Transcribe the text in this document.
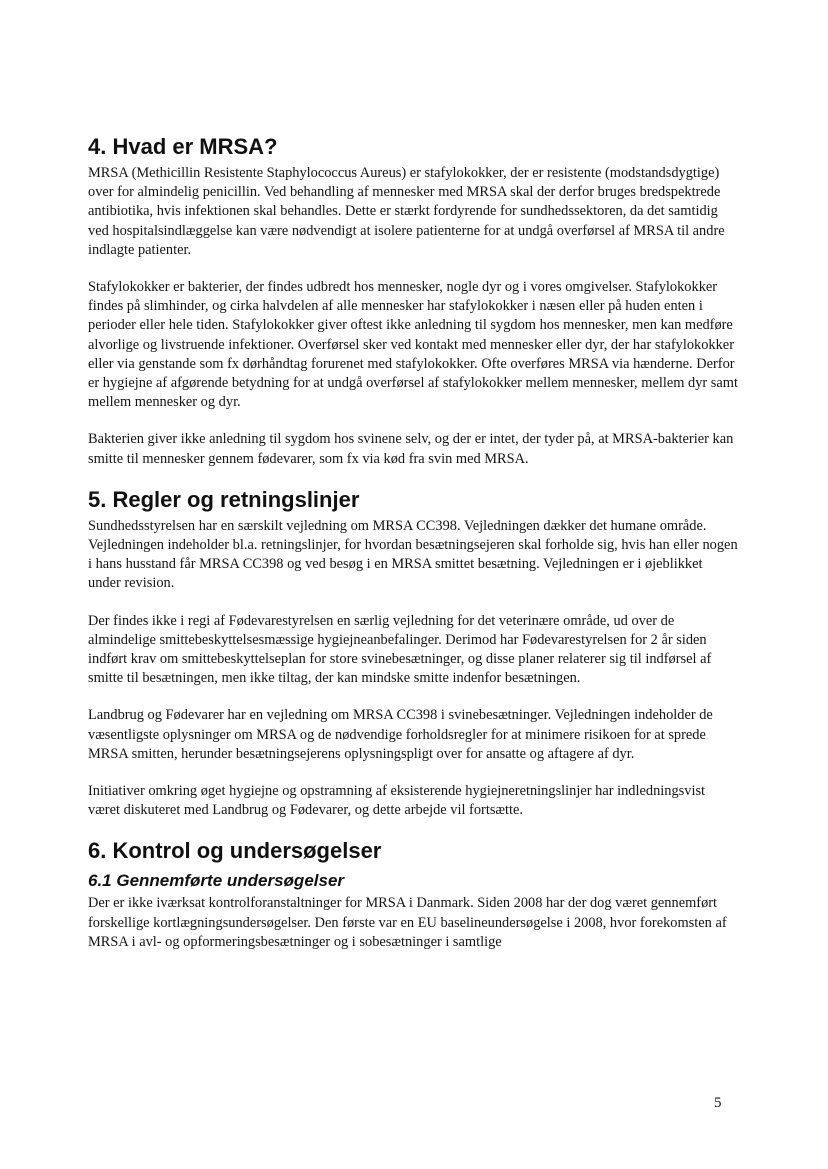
4. Hvad er MRSA?

MRSA (Methicillin Resistente Staphylococcus Aureus) er stafylokokker, der er resistente (modstandsdygtige) over for almindelig penicillin. Ved behandling af mennesker med MRSA skal der derfor bruges bredspektrede antibiotika, hvis infektionen skal behandles. Dette er stærkt fordyrende for sundhedssektoren, da det samtidig ved hospitalsindlæggelse kan være nødvendigt at isolere patienterne for at undgå overførsel af MRSA til andre indlagte patienter.

Stafylokokker er bakterier, der findes udbredt hos mennesker, nogle dyr og i vores omgivelser. Stafylokokker findes på slimhinder, og cirka halvdelen af alle mennesker har stafylokokker i næsen eller på huden enten i perioder eller hele tiden. Stafylokokker giver oftest ikke anledning til sygdom hos mennesker, men kan medføre alvorlige og livstruende infektioner. Overførsel sker ved kontakt med mennesker eller dyr, der har stafylokokker eller via genstande som fx dørhåndtag forurenet med stafylokokker. Ofte overføres MRSA via hænderne. Derfor er hygiejne af afgørende betydning for at undgå overførsel af stafylokokker mellem mennesker, mellem dyr samt mellem mennesker og dyr.

Bakterien giver ikke anledning til sygdom hos svinene selv, og der er intet, der tyder på, at MRSA-bakterier kan smitte til mennesker gennem fødevarer, som fx via kød fra svin med MRSA.

5. Regler og retningslinjer

Sundhedsstyrelsen har en særskilt vejledning om MRSA CC398. Vejledningen dækker det humane område. Vejledningen indeholder bl.a. retningslinjer, for hvordan besætningsejeren skal forholde sig, hvis han eller nogen i hans husstand får MRSA CC398 og ved besøg i en MRSA smittet besætning. Vejledningen er i øjeblikket under revision.

Der findes ikke i regi af Fødevarestyrelsen en særlig vejledning for det veterinære område, ud over de almindelige smittebeskyttelsesmæssige hygiejneanbefalinger. Derimod har Fødevarestyrelsen for 2 år siden indført krav om smittebeskyttelseplan for store svinebesætninger, og disse planer relaterer sig til indførsel af smitte til besætningen, men ikke tiltag, der kan mindske smitte indenfor besætningen.

Landbrug og Fødevarer har en vejledning om MRSA CC398 i svinebesætninger. Vejledningen indeholder de væsentligste oplysninger om MRSA og de nødvendige forholdsregler for at minimere risikoen for at sprede MRSA smitten, herunder besætningsejerens oplysningspligt over for ansatte og aftagere af dyr.

Initiativer omkring øget hygiejne og opstramning af eksisterende hygiejneretningslinjer har indledningsvist været diskuteret med Landbrug og Fødevarer, og dette arbejde vil fortsætte.

6. Kontrol og undersøgelser
6.1 Gennemførte undersøgelser

Der er ikke iværksat kontrolforanstaltninger for MRSA i Danmark. Siden 2008 har der dog været gennemført forskellige kortlægningsundersøgelser. Den første var en EU baselineundersøgelse i 2008, hvor forekomsten af MRSA i avl- og opformeringsbesætninger og i sobesætninger i samtlige

5
